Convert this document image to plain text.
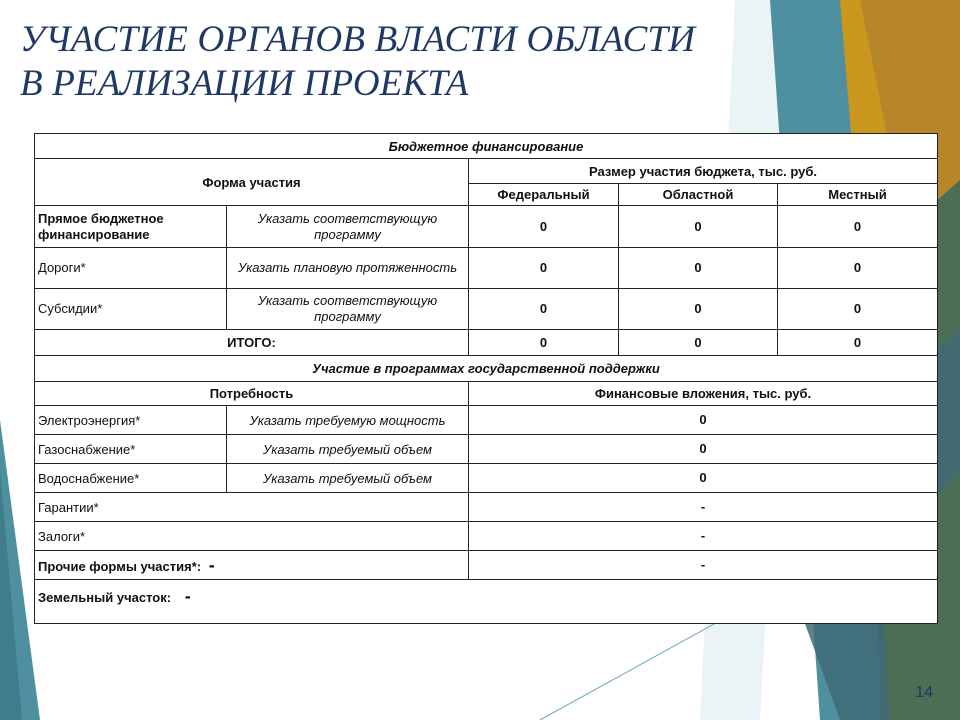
УЧАСТИЕ ОРГАНОВ ВЛАСТИ ОБЛАСТИ
В РЕАЛИЗАЦИИ ПРОЕКТА
Бюджетное финансирование				
Форма участия		Размер участия бюджета, тыс. руб.		
		Федеральный	Областной	Местный
Прямое бюджетное финансирование	Указать соответствующую программу	0	0	0
Дороги*	Указать плановую протяженность	0	0	0
Субсидии*	Указать соответствующую программу	0	0	0
ИТОГО:		0	0	0
Участие в программах государственной поддержки				
Потребность		Финансовые вложения, тыс. руб.		
Электроэнергия*	Указать требуемую мощность	0		
Газоснабжение*	Указать требуемый объем	0		
Водоснабжение*	Указать требуемый объем	0		
Гарантии*		-		
Залоги*		-		
Прочие формы участия*: -		-		
Земельный участок: -				
14
